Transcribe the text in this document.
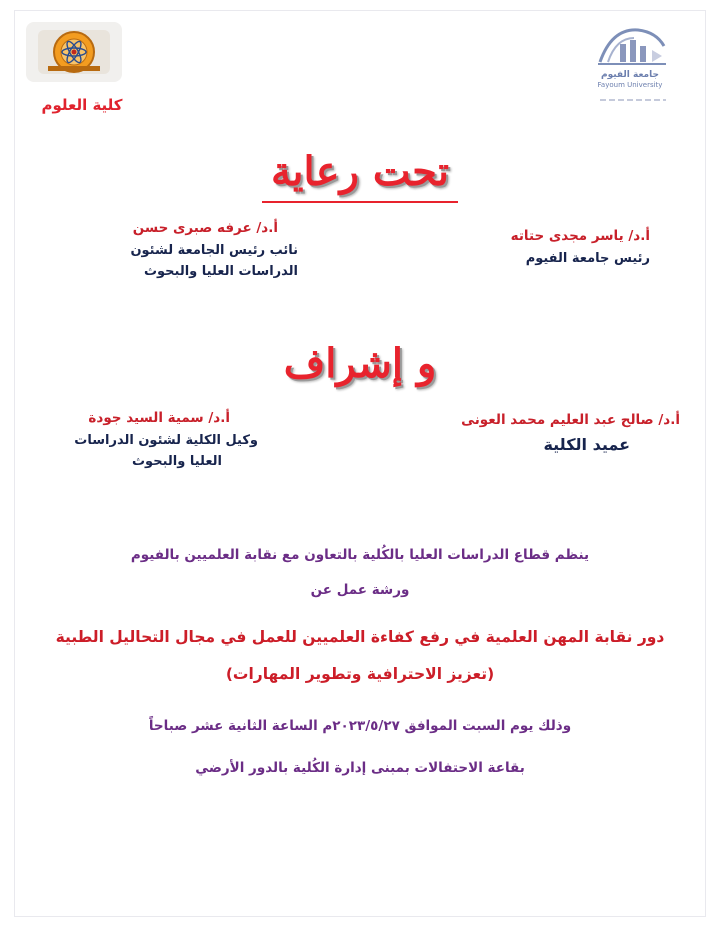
كلية العلوم
جامعة الفيوم
Fayoum University
تحت رعاية
أ.د/ ياسر مجدى حتاته
رئيس جامعة الفيوم
أ.د/ عرفه صبرى حسن
نائب رئيس الجامعة لشئون
الدراسات العليا والبحوث
و إشراف
أ.د/ صالح عبد العليم محمد العونى
عميد الكلية
أ.د/ سمية السيد جودة
وكيل الكلية لشئون الدراسات
العليا والبحوث
ينظم قطاع الدراسات العليا بالكُلية بالتعاون مع نقابة العلميين بالفيوم
ورشة عمل عن
دور نقابة المهن العلمية في رفع كفاءة العلميين للعمل في مجال التحاليل الطبية
(تعزيز الاحترافية وتطوير المهارات)
وذلك يوم السبت الموافق ٢٠٢٣/٥/٢٧م الساعة الثانية عشر صباحاً
بقاعة الاحتفالات بمبنى إدارة الكُلية بالدور الأرضي
